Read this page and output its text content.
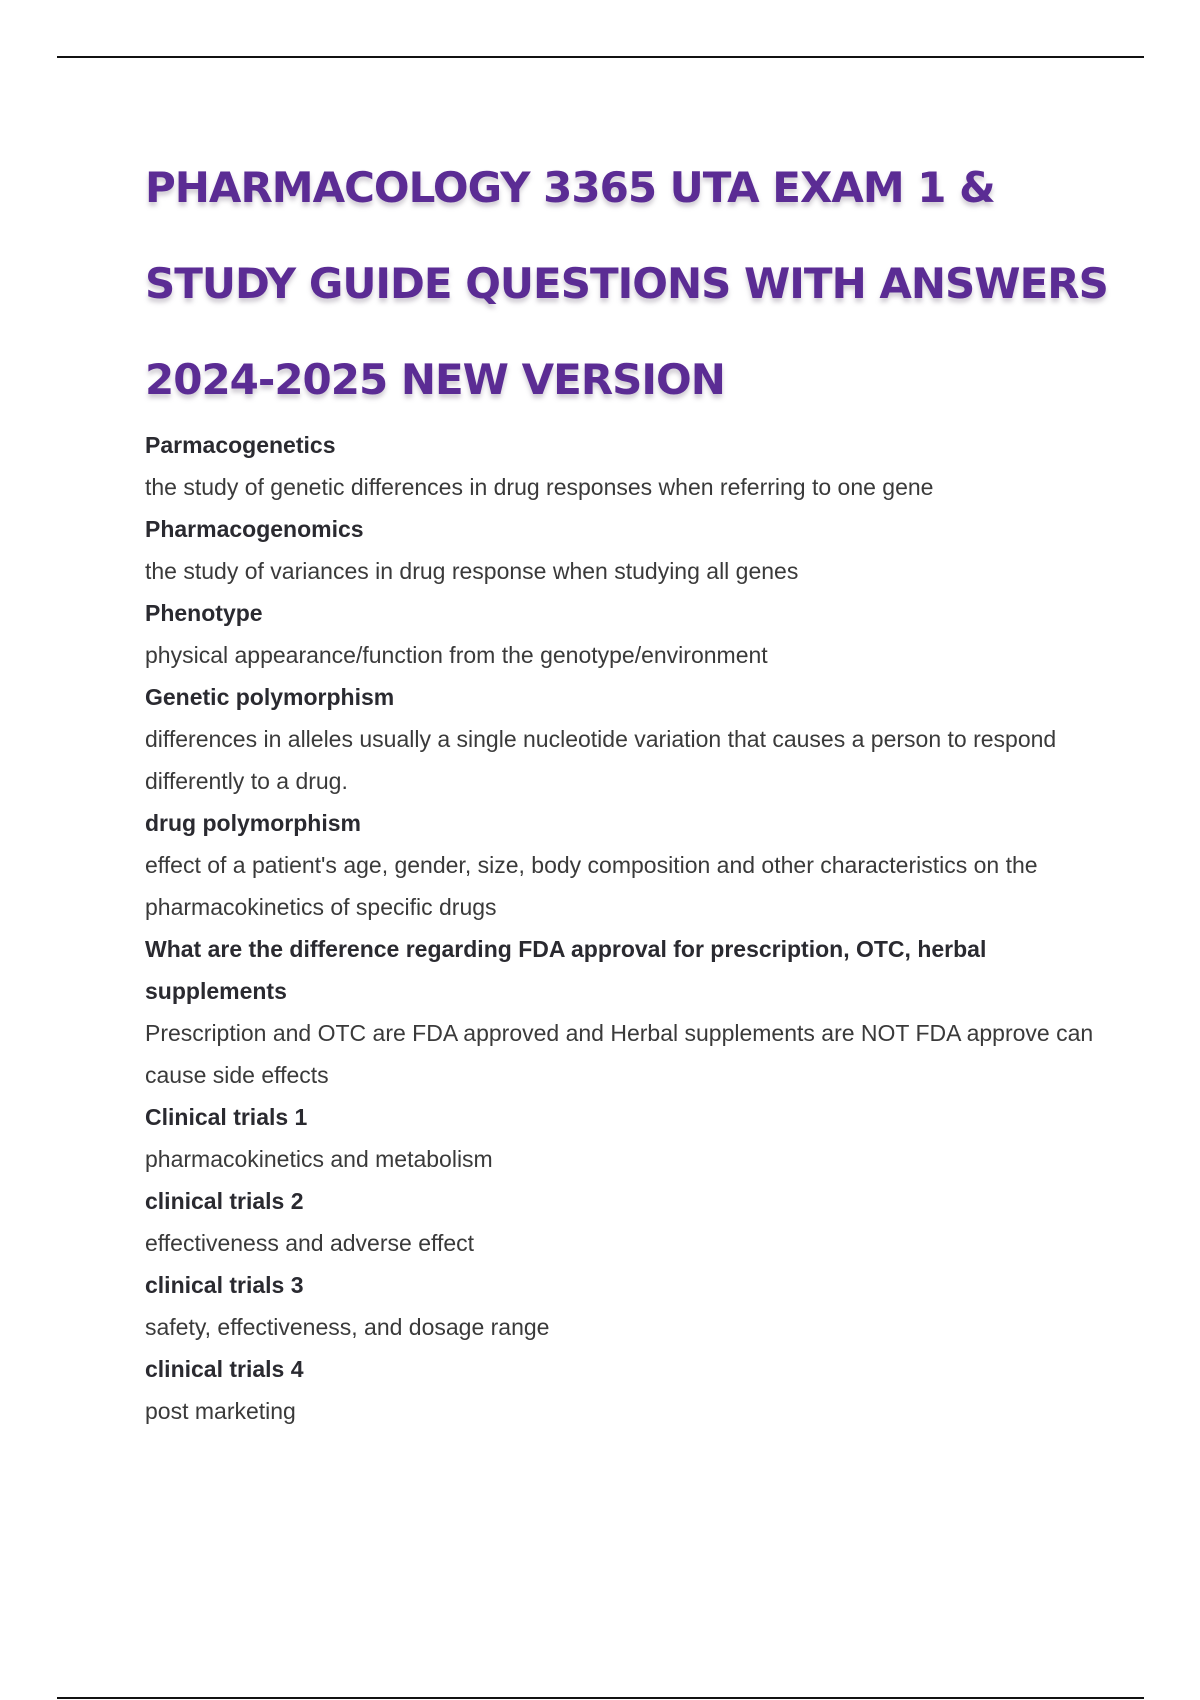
PHARMACOLOGY 3365 UTA EXAM 1 &
STUDY GUIDE QUESTIONS WITH ANSWERS
2024-2025 NEW VERSION
Parmacogenetics
the study of genetic differences in drug responses when referring to one gene
Pharmacogenomics
the study of variances in drug response when studying all genes
Phenotype
physical appearance/function from the genotype/environment
Genetic polymorphism
differences in alleles usually a single nucleotide variation that causes a person to respond differently to a drug.
drug polymorphism
effect of a patient's age, gender, size, body composition and other characteristics on the pharmacokinetics of specific drugs
What are the difference regarding FDA approval for prescription, OTC, herbal supplements
Prescription and OTC are FDA approved and Herbal supplements are NOT FDA approve can cause side effects
Clinical trials 1
pharmacokinetics and metabolism
clinical trials 2
effectiveness and adverse effect
clinical trials 3
safety, effectiveness, and dosage range
clinical trials 4
post marketing
